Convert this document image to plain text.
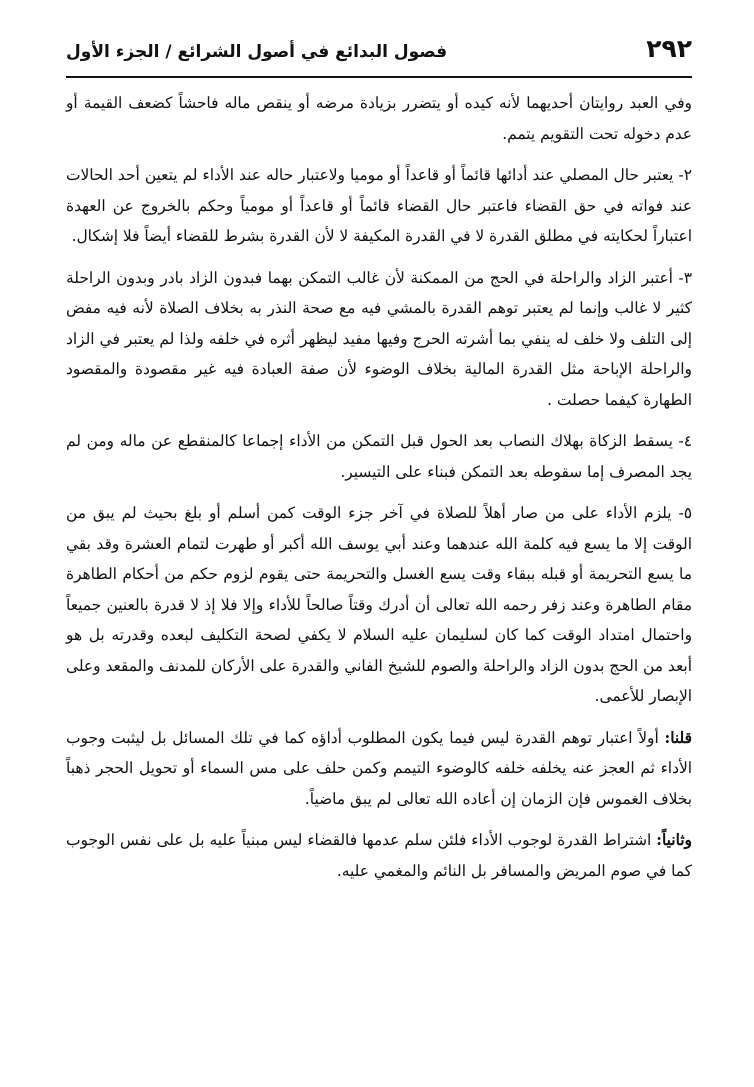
٢٩٢
فصول البدائع في أصول الشرائع / الجزء الأول

وفي العبد روايتان أحديهما لأنه كيده أو يتضرر بزيادة مرضه أو ينقص ماله فاحشاً كضعف القيمة أو عدم دخوله تحت التقويم يتمم.

٢- يعتبر حال المصلي عند أدائها قائماً أو قاعداً أو موميا ولاعتبار حاله عند الأداء لم يتعين أحد الحالات عند فواته في حق القضاء فاعتبر حال القضاء قائماً أو قاعداً أو مومياً وحكم بالخروج عن العهدة اعتباراً لحكايته في مطلق القدرة لا في القدرة المكيفة لا لأن القدرة بشرط للقضاء أيضاً فلا إشكال.

٣- أعتبر الزاد والراحلة في الحج من الممكنة لأن غالب التمكن بهما فبدون الزاد بادر وبدون الراحلة كثير لا غالب وإنما لم يعتبر توهم القدرة بالمشي فيه مع صحة النذر به بخلاف الصلاة لأنه فيه مفض إلى التلف ولا خلف له ينفي بما أشرته الحرج وفيها مفيد ليظهر أثره في خلفه ولذا لم يعتبر في الزاد والراحلة الإباحة مثل القدرة المالية بخلاف الوضوء لأن صفة العبادة فيه غير مقصودة والمقصود الطهارة كيفما حصلت .

٤- يسقط الزكاة بهلاك النصاب بعد الحول قبل التمكن من الأداء إجماعا كالمنقطع عن ماله ومن لم يجد المصرف إما سقوطه بعد التمكن فبناء على التيسير.

٥- يلزم الأداء على من صار أهلاً للصلاة في آخر جزء الوقت كمن أسلم أو بلغ بحيث لم يبق من الوقت إلا ما يسع فيه كلمة الله عندهما وعند أبي يوسف الله أكبر أو طهرت لتمام العشرة وقد بقي ما يسع التحريمة أو قبله ببقاء وقت يسع الغسل والتحريمة حتى يقوم لزوم حكم من أحكام الطاهرة مقام الطاهرة وعند زفر رحمه الله تعالى أن أدرك وقتاً صالحاً للأداء وإلا فلا إذ لا قدرة بالعنين جميعاً واحتمال امتداد الوقت كما كان لسليمان عليه السلام لا يكفي لصحة التكليف لبعده وقدرته بل هو أبعد من الحج بدون الزاد والراحلة والصوم للشيخ الفاني والقدرة على الأركان للمدنف والمقعد وعلى الإبصار للأعمى.

قلنا: أولاً اعتبار توهم القدرة ليس فيما يكون المطلوب أداؤه كما في تلك المسائل بل ليثبت وجوب الأداء ثم العجز عنه يخلفه خلفه كالوضوء التيمم وكمن حلف على مس السماء أو تحويل الحجر ذهباً بخلاف الغموس فإن الزمان إن أعاده الله تعالى لم يبق ماضياً.

وثانياً: اشتراط القدرة لوجوب الأداء فلئن سلم عدمها فالقضاء ليس مبنياً عليه بل على نفس الوجوب كما في صوم المريض والمسافر بل النائم والمغمي عليه.
